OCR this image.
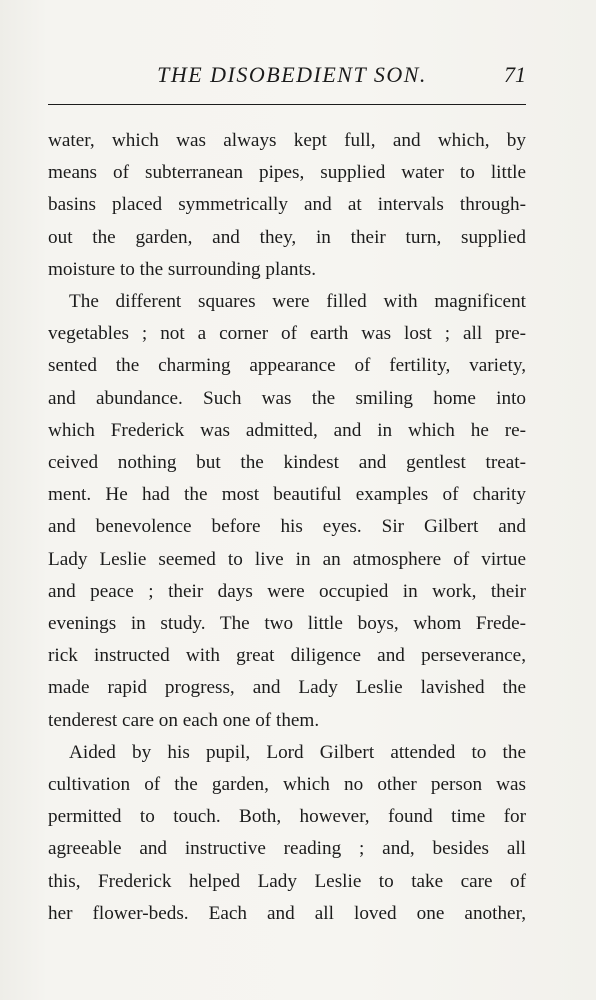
THE DISOBEDIENT SON.	71

water, which was always kept full, and which, by
means of subterranean pipes, supplied water to little
basins placed symmetrically and at intervals through-
out the garden, and they, in their turn, supplied
moisture to the surrounding plants.

The different squares were filled with magnificent
vegetables ; not a corner of earth was lost ; all pre-
sented the charming appearance of fertility, variety,
and abundance. Such was the smiling home into
which Frederick was admitted, and in which he re-
ceived nothing but the kindest and gentlest treat-
ment. He had the most beautiful examples of charity
and benevolence before his eyes. Sir Gilbert and
Lady Leslie seemed to live in an atmosphere of virtue
and peace ; their days were occupied in work, their
evenings in study. The two little boys, whom Frede-
rick instructed with great diligence and perseverance,
made rapid progress, and Lady Leslie lavished the
tenderest care on each one of them.

Aided by his pupil, Lord Gilbert attended to the
cultivation of the garden, which no other person was
permitted to touch. Both, however, found time for
agreeable and instructive reading ; and, besides all
this, Frederick helped Lady Leslie to take care of
her flower-beds. Each and all loved one another,
